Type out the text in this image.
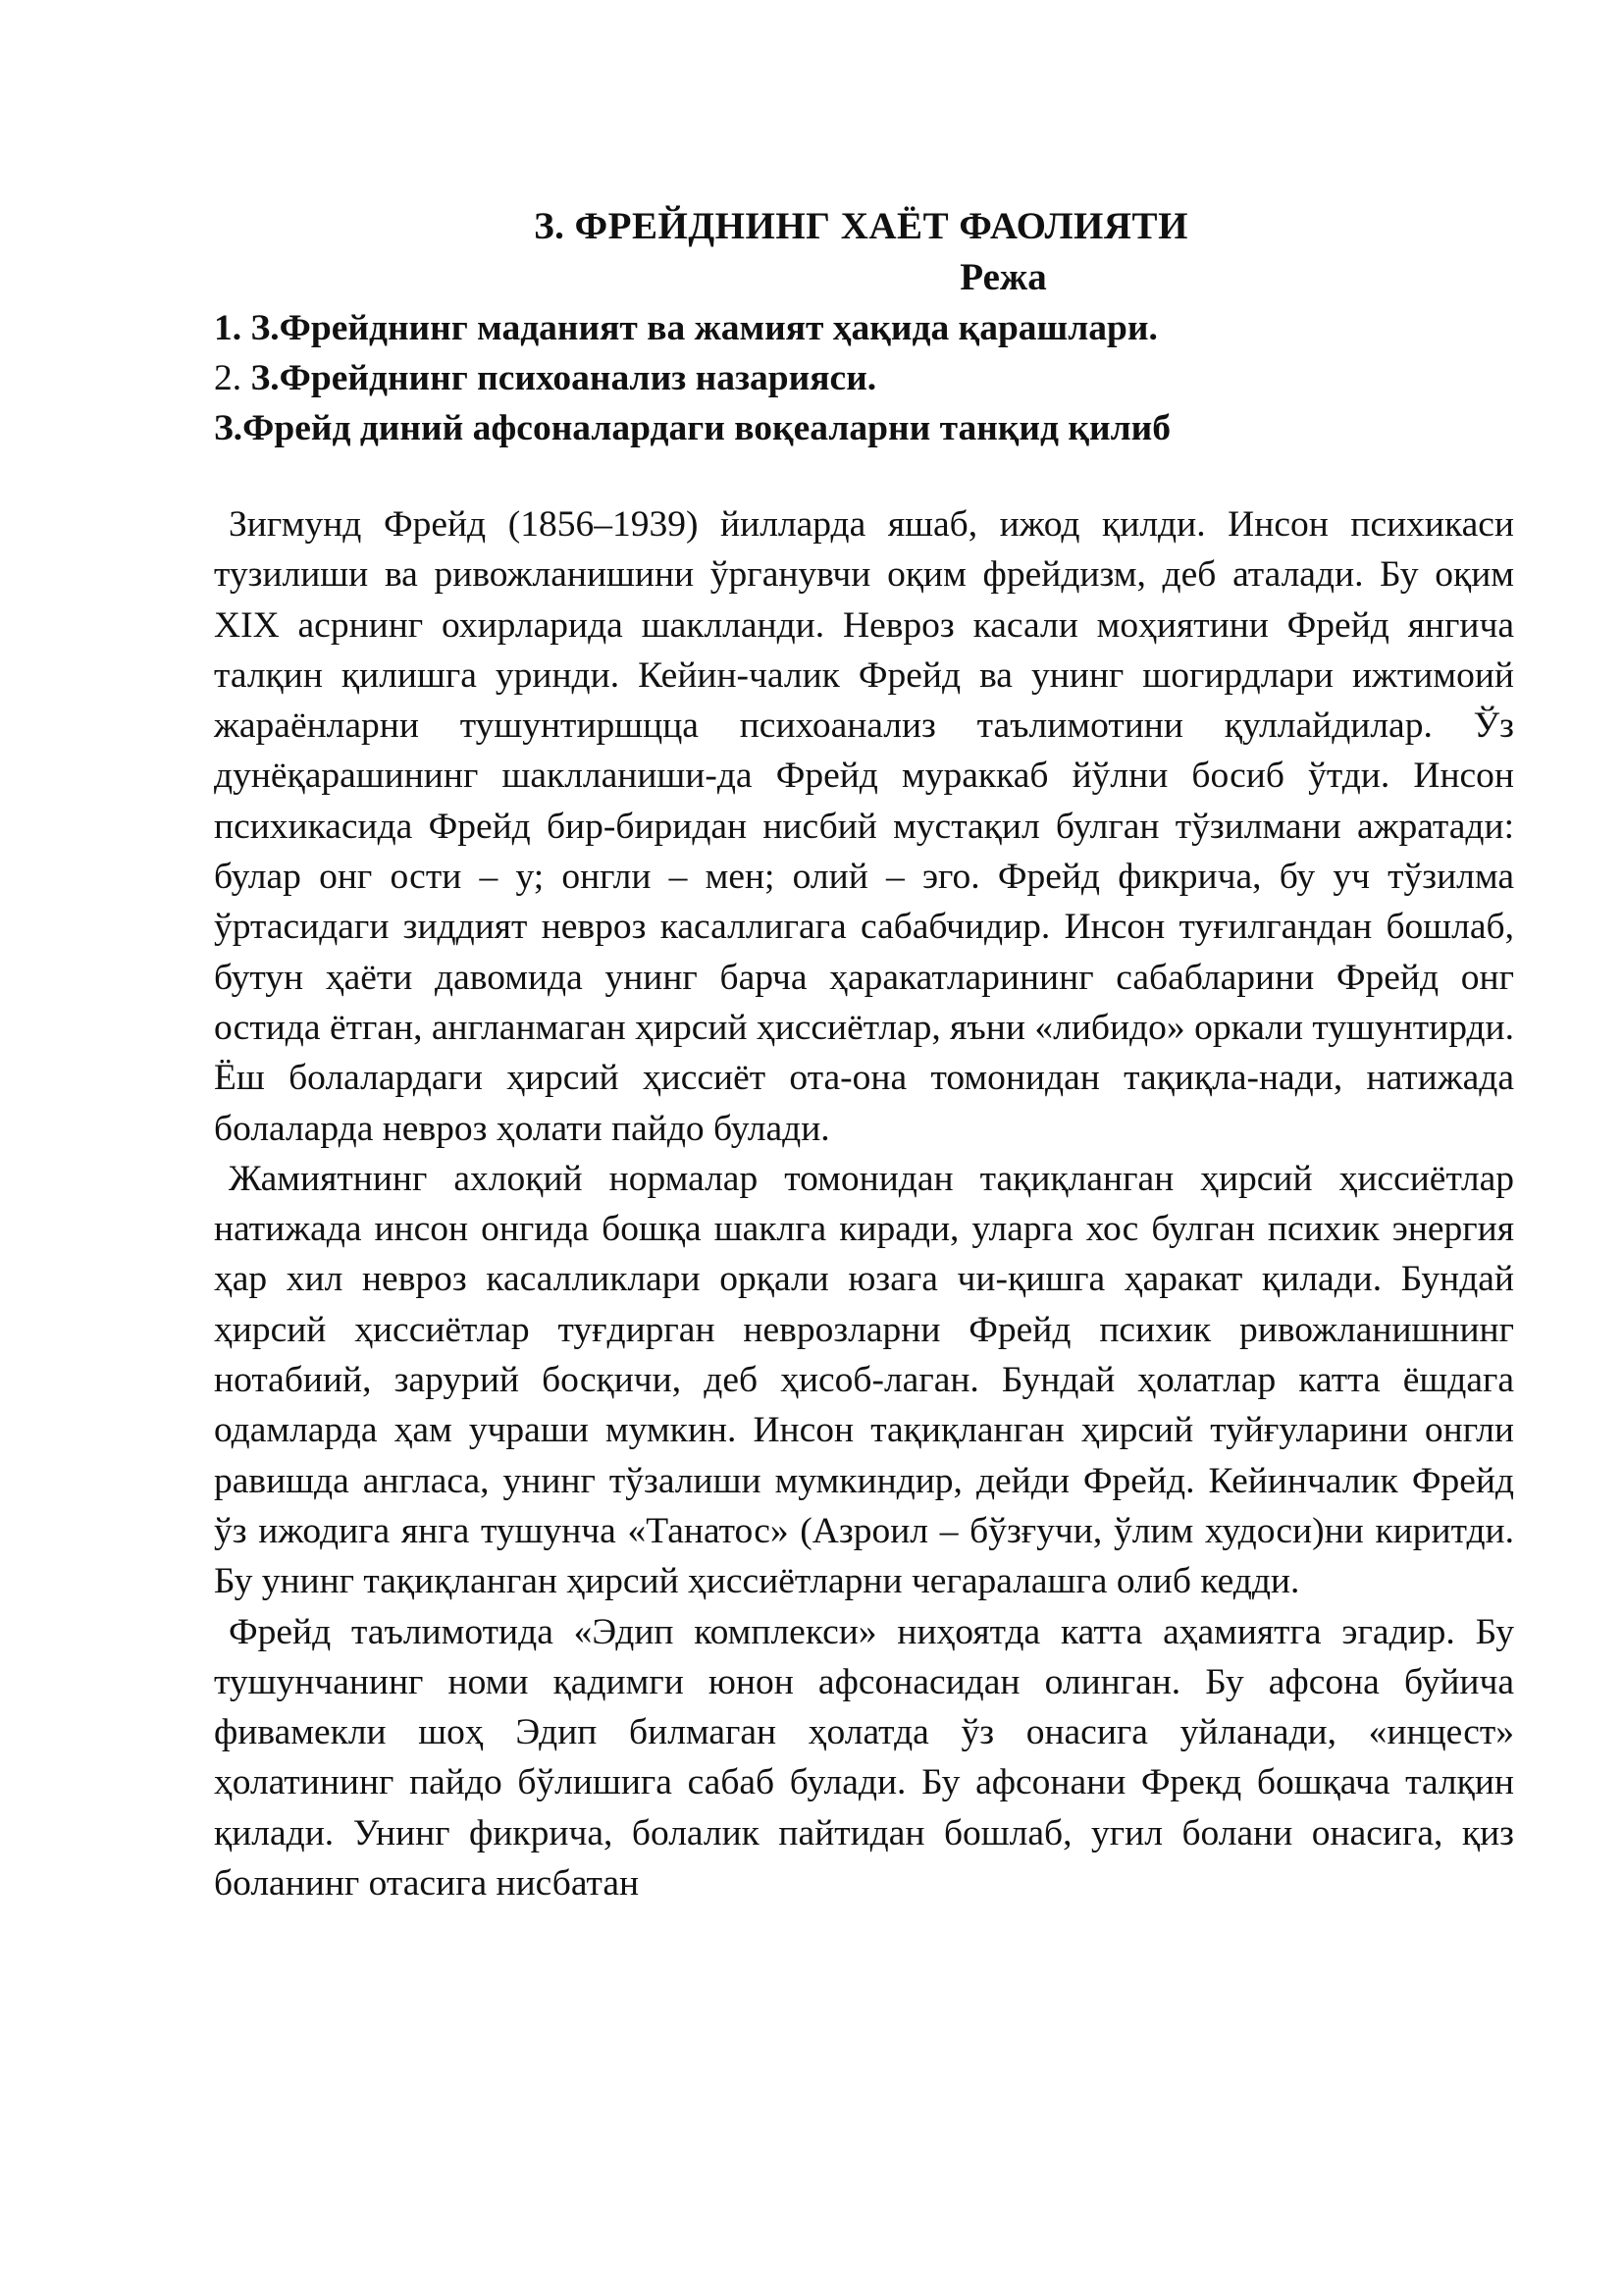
З. ФРЕЙДНИНГ ХАЁТ ФАОЛИЯТИ
Режа
1. З.Фрейднинг маданият ва жамият ҳақида қарашлари.
2. З.Фрейднинг психоанализ назарияси.
З.Фрейд диний афсоналардаги воқеаларни танқид қилиб

Зигмунд Фрейд (1856–1939) йилларда яшаб, ижод қилди. Инсон психикаси тузилиши ва ривожланишини ўрганувчи оқим фрейдизм, деб аталади. Бу оқим XIX асрнинг охирларида шаклланди. Невроз касали моҳиятини Фрейд янгича талқин қилишга уринди. Кейин-чалик Фрейд ва унинг шогирдлари ижтимоий жараёнларни тушунтиршцца психоанализ таълимотини қуллайдилар. Ўз дунёқарашининг шаклланиши-да Фрейд мураккаб йўлни босиб ўтди. Инсон психикасида Фрейд бир-биридан нисбий мустақил булган тўзилмани ажратади: булар онг ости – у; онгли – мен; олий – эго. Фрейд фикрича, бу уч тўзилма ўртасидаги зиддият невроз касаллигага сабабчидир. Инсон туғилгандан бошлаб, бутун ҳаёти давомида унинг барча ҳаракатларининг сабабларини Фрейд онг остида ётган, англанмаган ҳирсий ҳиссиётлар, яъни «либидо» оркали тушунтирди. Ёш болалардаги ҳирсий ҳиссиёт ота-она томонидан тақиқла-нади, натижада болаларда невроз ҳолати пайдо булади.

Жамиятнинг ахлоқий нормалар томонидан тақиқланган ҳирсий ҳиссиётлар натижада инсон онгида бошқа шаклга киради, уларга хос булган психик энергия ҳар хил невроз касалликлари орқали юзага чи-қишга ҳаракат қилади. Бундай ҳирсий ҳиссиётлар туғдирган неврозларни Фрейд психик ривожланишнинг нотабиий, зарурий босқичи, деб ҳисоб-лаган. Бундай ҳолатлар катта ёшдага одамларда ҳам учраши мумкин. Инсон тақиқланган ҳирсий туйғуларини онгли равишда англаса, унинг тўзалиши мумкиндир, дейди Фрейд. Кейинчалик Фрейд ўз ижодига янга тушунча «Танатос» (Азроил – бўзғучи, ўлим худоси)ни киритди. Бу унинг тақиқланган ҳирсий ҳиссиётларни чегаралашга олиб кедди.

Фрейд таълимотида «Эдип комплекси» ниҳоятда катта аҳамиятга эгадир. Бу тушунчанинг номи қадимги юнон афсонасидан олинган. Бу афсона буйича фивамекли шоҳ Эдип билмаган ҳолатда ўз онасига уйланади, «инцест» ҳолатининг пайдо бўлишига сабаб булади. Бу афсонани Фрекд бошқача талқин қилади. Унинг фикрича, болалик пайтидан бошлаб, угил болани онасига, қиз боланинг отасига нисбатан
